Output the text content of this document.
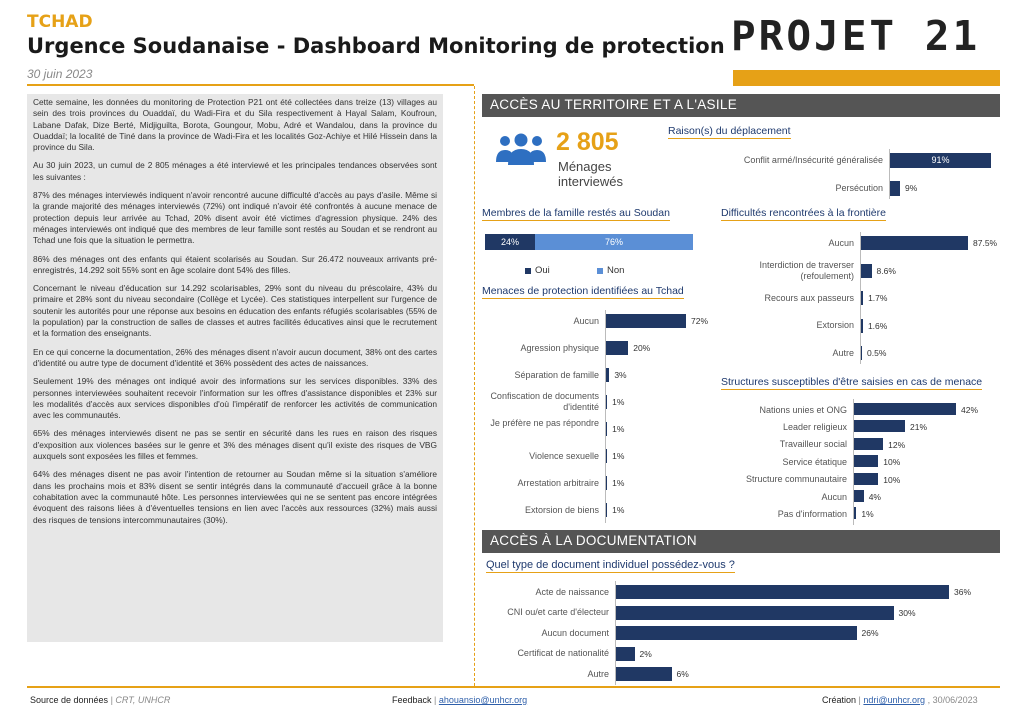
TCHAD
Urgence Soudanaise - Dashboard Monitoring de protection
30 juin 2023
PROJET 21

Cette semaine, les données du monitoring de Protection P21 ont été collectées dans treize (13) villages au sein des trois provinces du Ouaddaï, du Wadi-Fira et du Sila respectivement à Hayal Salam, Koufroun, Labane Dafak, Dize Berté, Midjiguilta, Borota, Goungour, Mobu, Adré et Wandalou, dans la province du Ouaddaï; la localité de Tiné dans la province de Wadi-Fira et les localités Goz-Achiye et Hilé Hissein dans la province du Sila.

Au 30 juin 2023, un cumul de 2 805 ménages a été interviewé et les principales tendances observées sont les suivantes :

87% des ménages interviewés indiquent n'avoir rencontré aucune difficulté d'accès au pays d'asile. Même si la grande majorité des ménages interviewés (72%) ont indiqué n'avoir été confrontés à aucune menace de protection depuis leur arrivée au Tchad, 20% disent avoir été victimes d'agression physique. 24% des ménages interviewés ont indiqué que des membres de leur famille sont restés au Soudan et se rendront au Tchad une fois que la situation le permettra.

86% des ménages ont des enfants qui étaient scolarisés au Soudan. Sur 26.472 nouveaux arrivants pré-enregistrés, 14.292 soit 55% sont en âge scolaire dont 54% des filles.

Concernant le niveau d'éducation sur 14.292 scolarisables, 29% sont du niveau du préscolaire, 43% du primaire et 28% sont du niveau secondaire (Collège et Lycée). Ces statistiques interpellent sur l'urgence de soutenir les autorités pour une réponse aux besoins en éducation des enfants réfugiés scolarisables (55% de la population) par la construction de salles de classes et autres facilités éducatives ainsi que le recrutement et la formation des enseignants.

En ce qui concerne la documentation, 26% des ménages disent n'avoir aucun document, 38% ont des cartes d'identité ou autre type de document d'identité et 36% possèdent des actes de naissances.

Seulement 19% des ménages ont indiqué avoir des informations sur les services disponibles. 33% des personnes interviewées souhaitent recevoir l'information sur les offres d'assistance disponibles et 23% sur les modalités d'accès aux services disponibles d'où l'impératif de renforcer les activités de communication avec les communautés.

65% des ménages interviewés disent ne pas se sentir en sécurité dans les rues en raison des risques d'exposition aux violences basées sur le genre et 3% des ménages disent qu'il existe des risques de VBG auxquels sont exposées les filles et femmes.

64% des ménages disent ne pas avoir l'intention de retourner au Soudan même si la situation s'améliore dans les prochains mois et 83% disent se sentir intégrés dans la communauté d'accueil grâce à la bonne cohabitation avec la communauté hôte. Les personnes interviewées qui ne se sentent pas encore intégrées évoquent des raisons liées à d'éventuelles tensions en lien avec l'accès aux ressources (32%) mais aussi des risques de tensions intercommunautaires (30%).

ACCÈS AU TERRITOIRE ET A L'ASILE
2 805
Ménages interviewés
Raison(s) du déplacement
Membres de la famille restés au Soudan
Menaces de protection identifiées au Tchad
Difficultés rencontrées à la frontière
Structures susceptibles d'être saisies en cas de menace
ACCÈS À LA DOCUMENTATION
Quel type de document individuel possédez-vous ?
Conflit armé/Insécurité généralisée	91%
Persécution	9%
24%	76%
Oui	Non
Aucun	72%
Agression physique	20%
Séparation de famille 3%
Confiscation de documents d'identité 1%
Je préfère ne pas répondre
1%
Violence sexuelle 1%
Arrestation arbitraire 1%
Extorsion de biens 1%
Aucun	87.5%
Interdiction de traverser (refoulement)	8.6%
Recours aux passeurs 1.7%
Extorsion 1.6%
Autre 0.5%
Nations unies et ONG	42%
Leader religieux	21%
Travailleur social	12%
Service étatique	10%
Structure communautaire	10%
Aucun	4%
Pas d'information 1%
Acte de naissance	36%
CNI ou/et carte d'électeur	30%
Aucun document	26%
Certificat de nationalité	2%
Autre	6%
Source de données | CRT, UNHCR	Feedback | ahouansio@unhcr.org	Création | ndri@unhcr.org , 30/06/2023
